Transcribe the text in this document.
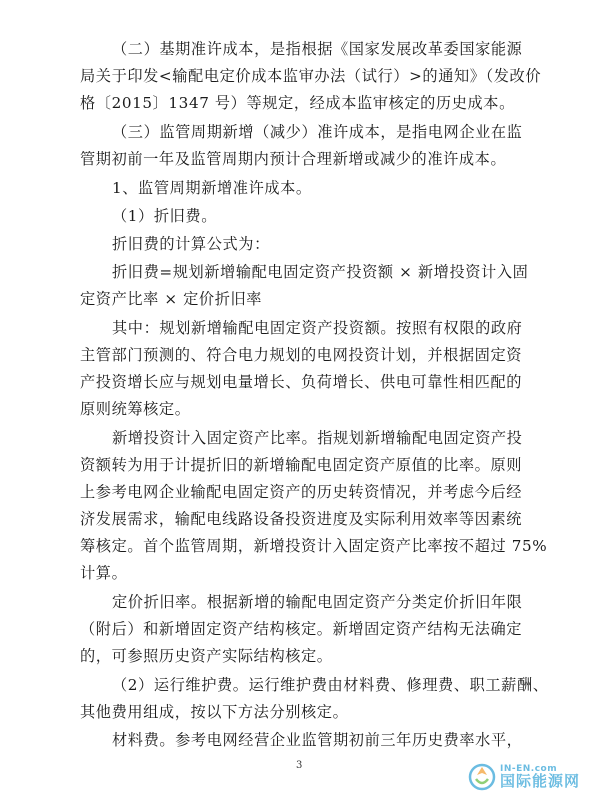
（二）基期准许成本，是指根据《国家发展改革委国家能源
局关于印发<输配电定价成本监审办法（试行）>的通知》（发改价
格〔2015〕1347 号）等规定，经成本监审核定的历史成本。
（三）监管周期新增（减少）准许成本，是指电网企业在监
管期初前一年及监管周期内预计合理新增或减少的准许成本。
1、监管周期新增准许成本。
（1）折旧费。
折旧费的计算公式为：
折旧费=规划新增输配电固定资产投资额 × 新增投资计入固
定资产比率 × 定价折旧率
其中：规划新增输配电固定资产投资额。按照有权限的政府
主管部门预测的、符合电力规划的电网投资计划，并根据固定资
产投资增长应与规划电量增长、负荷增长、供电可靠性相匹配的
原则统筹核定。
新增投资计入固定资产比率。指规划新增输配电固定资产投
资额转为用于计提折旧的新增输配电固定资产原值的比率。原则
上参考电网企业输配电固定资产的历史转资情况，并考虑今后经
济发展需求，输配电线路设备投资进度及实际利用效率等因素统
筹核定。首个监管周期，新增投资计入固定资产比率按不超过 75%
计算。
定价折旧率。根据新增的输配电固定资产分类定价折旧年限
（附后）和新增固定资产结构核定。新增固定资产结构无法确定
的，可参照历史资产实际结构核定。
（2）运行维护费。运行维护费由材料费、修理费、职工薪酬、
其他费用组成，按以下方法分别核定。
材料费。参考电网经营企业监管期初前三年历史费率水平，
3	IN-EN.com
国际能源网
